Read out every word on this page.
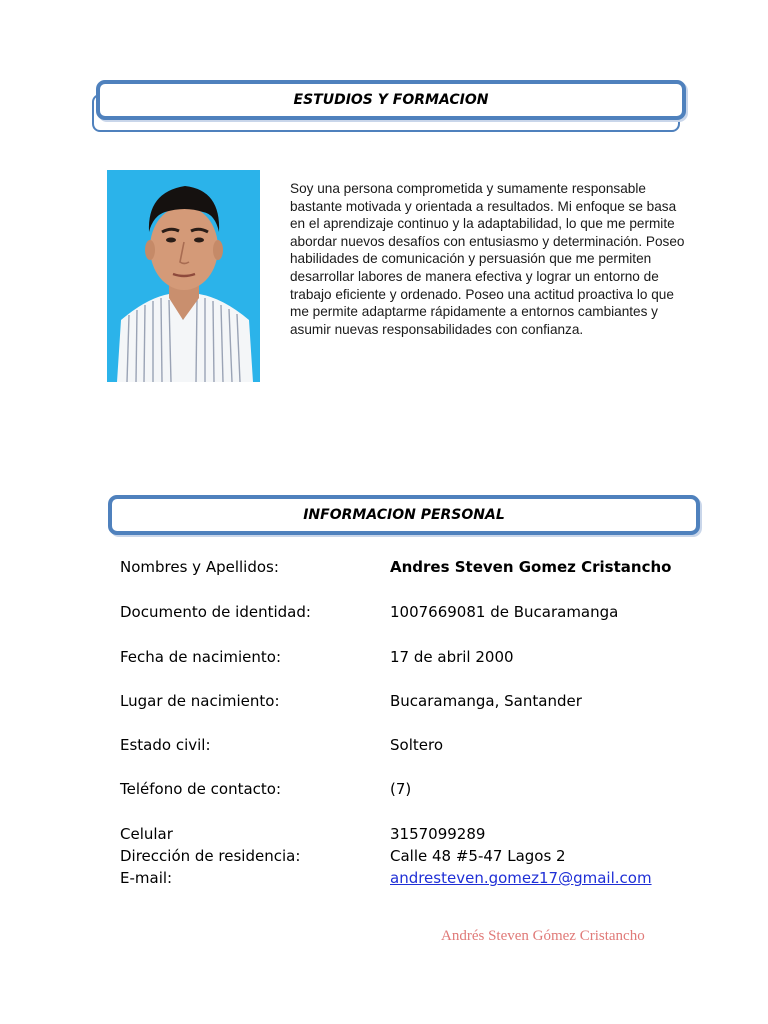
ESTUDIOS Y FORMACION

Soy una persona comprometida y sumamente responsable bastante motivada y orientada a resultados. Mi enfoque se basa en el aprendizaje continuo y la adaptabilidad, lo que me permite abordar nuevos desafíos con entusiasmo y determinación. Poseo habilidades de comunicación y persuasión que me permiten desarrollar labores de manera efectiva y lograr un entorno de trabajo eficiente y ordenado. Poseo una actitud proactiva lo que me permite adaptarme rápidamente a entornos cambiantes y asumir nuevas responsabilidades con confianza.

INFORMACION PERSONAL
Nombres y Apellidos:	Andres Steven Gomez Cristancho
Documento de identidad:	1007669081 de Bucaramanga
Fecha de nacimiento:	17 de abril 2000
Lugar de nacimiento:	Bucaramanga, Santander
Estado civil:	Soltero
Teléfono de contacto:	(7)
Celular	3157099289
Dirección de residencia:	Calle 48 #5-47 Lagos 2
E-mail:	andresteven.gomez17@gmail.com
Andrés Steven Gómez Cristancho
